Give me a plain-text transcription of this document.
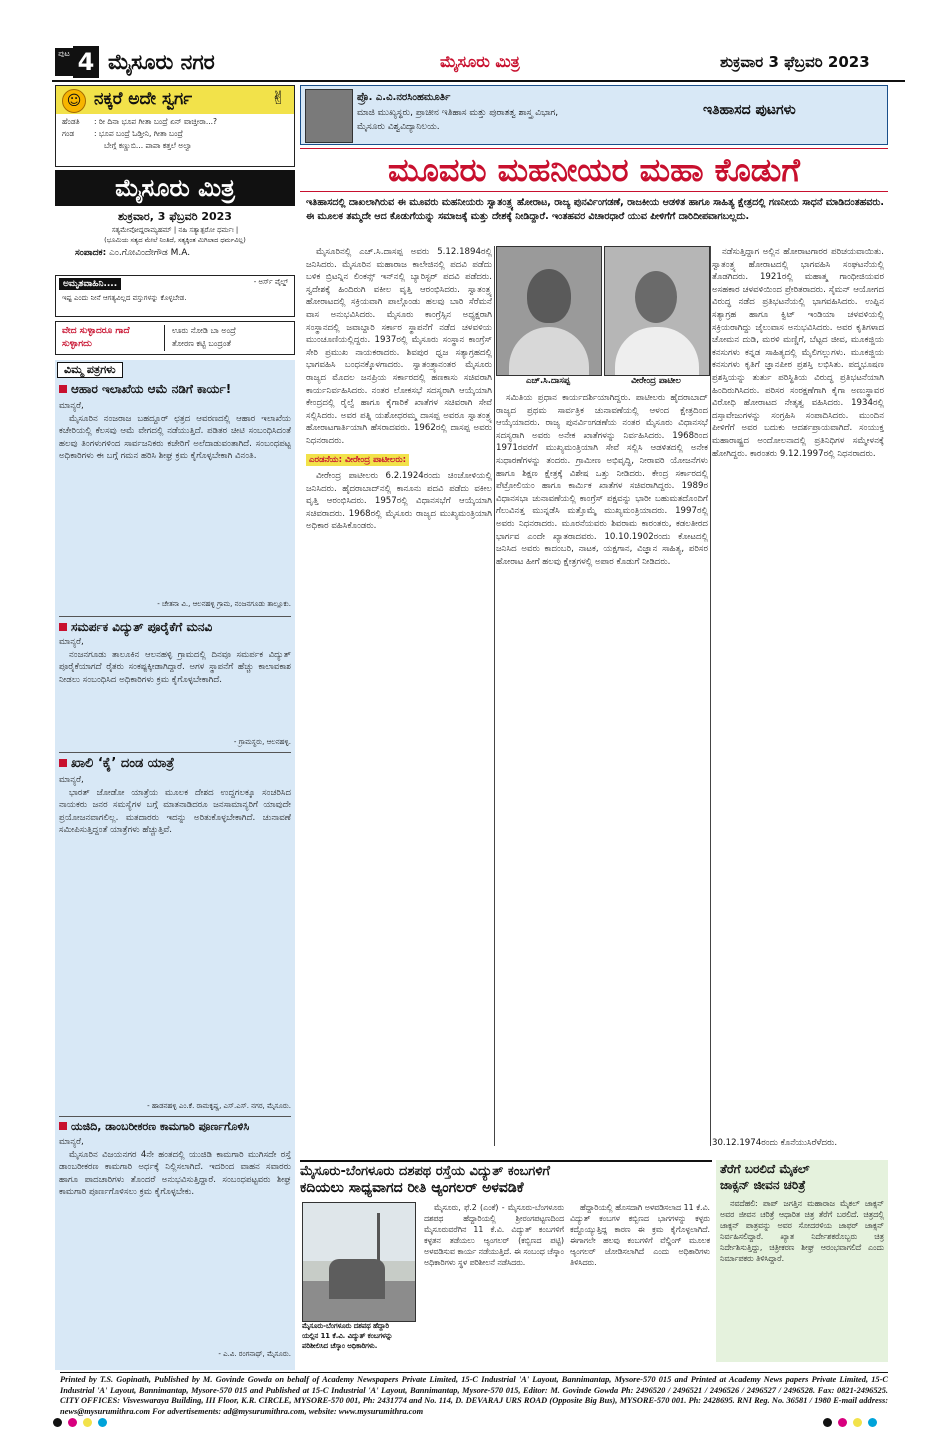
ಪುಟ 4 ಮೈಸೂರು ನಗರ	ಮೈಸೂರು ಮಿತ್ರ	ಶುಕ್ರವಾರ 3 ಫೆಬ್ರವರಿ 2023
☺ ನಕ್ಕರೆ ಅದೇ ಸ್ವರ್ಗ	✌
ಹೆಂಡತಿ : ರೀ ದಿನಾ ಭೂಪ ಗೀತಾ ಬಂದ್ರೆ ಏನ್ ವಾಚ್ತೀರಾ...?
ಗಂಡ	: ಭೂಪ ಬಂದ್ರೆ ಓಡ್ತೀನಿ, ಗೀತಾ ಬಂದ್ರೆ
ಬೇಗ್ಗೆ ಕಣ್ಣುಬಿ... ಪಾಪಾ ಕತ್ತಲೆ ಅಲ್ವಾ
ಮೈಸೂರು ಮಿತ್ರ
ಶುಕ್ರವಾರ, 3 ಫೆಬ್ರವರಿ 2023
ಸತ್ಯಮೇವೋದ್ದರಾಮ್ಯಹಮ್ | ನಹಿ ಸತ್ಯಾತ್ಪರೋ ಧರ್ಮಃ |
(ಭೂಮಿಯ ಸತ್ಯದ ಮೇಲೆ ನಿಂತಿದೆ, ಸತ್ಯಕ್ಕಿಂತ ಮಿಗಿಲಾದ ಧರ್ಮವಿಲ್ಲ)
ಸಂಪಾದಕ: ಎಂ.ಗೋವಿಂದೇಗೌಡ M.A.
ಅಮೃತವಾಹಿನಿ....
ಇಷ್ಟ ಎಂದು ನೀನೆ ಆಗತ್ಯವಿಲ್ಲದ ವಸ್ತುಗಳನ್ನು ಕೊಳ್ಳಬೇಡ.
- ಅರ್ಸ್ ವೈಲ್ಡ್
ವೇದ ಸುಳ್ಳಾದರೂ ಗಾದೆ ಸುಳ್ಳಾಗದು
ಊರು ನೋಡಿ ಬಾ ಅಂದ್ರೆ
ತೋರಣ ಕಟ್ಟಿ ಬಂದ್ರಂತೆ
ವಿಮ್ಮ ಪತ್ರಗಳು
ಆಹಾರ ಇಲಾಖೆಯ ಆಮೆ ನಡಿಗೆ ಕಾರ್ಯ!
ಮಾನ್ಯರೆ,

ಮೈಸೂರಿನ ನಂಜರಾಜ ಬಹದ್ದೂರ್ ಛತ್ರದ ಆವರಣದಲ್ಲಿ ಆಹಾರ ಇಲಾಖೆಯ ಕಚೇರಿಯಲ್ಲಿ ಕೆಲಸವು ಆಮೆ ವೇಗದಲ್ಲಿ ನಡೆಯುತ್ತಿದೆ. ಪಡಿತರ ಚೀಟಿ ಸಂಬಂಧಿಸಿದಂತೆ ಹಲವು ತಿಂಗಳುಗಳಿಂದ ಸಾರ್ವಜನಿಕರು ಕಚೇರಿಗೆ ಅಲೆದಾಡುವಂತಾಗಿದೆ. ಸಂಬಂಧಪಟ್ಟ ಅಧಿಕಾರಿಗಳು ಈ ಬಗ್ಗೆ ಗಮನ ಹರಿಸಿ ಶೀಘ್ರ ಕ್ರಮ ಕೈಗೊಳ್ಳಬೇಕಾಗಿ ವಿನಂತಿ.

- ಚೇತನಾ ವಿ., ಆಲನಹಳ್ಳಿ ಗ್ರಾಮ, ನಂಜನಗೂಡು ತಾಲ್ಲೂಕು.
ಸಮರ್ಪಕ ವಿದ್ಯುತ್ ಪೂರೈಕೆಗೆ ಮನವಿ
ಮಾನ್ಯರೆ,

ನಂಜನಗೂಡು ತಾಲೂಕಿನ ಆಲನಹಳ್ಳಿ ಗ್ರಾಮದಲ್ಲಿ ದಿನವೂ ಸಮರ್ಪಕ ವಿದ್ಯುತ್ ಪೂರೈಕೆಯಾಗದೆ ರೈತರು ಸಂಕಷ್ಟಕ್ಕೀಡಾಗಿದ್ದಾರೆ. ಅಗಳ ಸ್ಥಾಪನೆಗೆ ಹೆಚ್ಚು ಕಾಲಾವಕಾಶ ನೀಡಲು ಸಂಬಂಧಿಸಿದ ಅಧಿಕಾರಿಗಳು ಕ್ರಮ ಕೈಗೊಳ್ಳಬೇಕಾಗಿದೆ.

- ಗ್ರಾಮಸ್ಥರು, ಆಲನಹಳ್ಳಿ.
ಖಾಲಿ ‘ಕೈ’ ದಂಡ ಯಾತ್ರೆ
ಮಾನ್ಯರೆ,

ಭಾರತ್ ಜೋಡೋ ಯಾತ್ರೆಯ ಮೂಲಕ ದೇಶದ ಉದ್ದಗಲಕ್ಕೂ ಸಂಚರಿಸಿದ ನಾಯಕರು ಜನರ ಸಮಸ್ಯೆಗಳ ಬಗ್ಗೆ ಮಾತನಾಡಿದರೂ ಜನಸಾಮಾನ್ಯರಿಗೆ ಯಾವುದೇ ಪ್ರಯೋಜನವಾಗಲಿಲ್ಲ. ಮತದಾರರು ಇದನ್ನು ಅರಿತುಕೊಳ್ಳಬೇಕಾಗಿದೆ. ಚುನಾವಣೆ ಸಮೀಪಿಸುತ್ತಿದ್ದಂತೆ ಯಾತ್ರೆಗಳು ಹೆಚ್ಚುತ್ತಿವೆ.

- ಹಾಡನಹಳ್ಳಿ ಎಂ.ಕೆ. ರಾಮಕೃಷ್ಣ, ಎಸ್.ಎಸ್. ನಗರ, ಮೈಸೂರು.
ಯಜಿದಿ, ಡಾಂಬರೀಕರಣ ಕಾಮಗಾರಿ ಪೂರ್ಣಗೊಳಿಸಿ
ಮಾನ್ಯರೆ,

ಮೈಸೂರಿನ ವಿಜಯನಗರ 4ನೇ ಹಂತದಲ್ಲಿ ಯುಜಿಡಿ ಕಾಮಗಾರಿ ಮುಗಿಸದೇ ರಸ್ತೆ ಡಾಂಬರೀಕರಣ ಕಾಮಗಾರಿ ಅರ್ಧಕ್ಕೆ ನಿಲ್ಲಿಸಲಾಗಿದೆ. ಇದರಿಂದ ವಾಹನ ಸವಾರರು ಹಾಗೂ ಪಾದಚಾರಿಗಳು ತೊಂದರೆ ಅನುಭವಿಸುತ್ತಿದ್ದಾರೆ. ಸಂಬಂಧಪಟ್ಟವರು ಶೀಘ್ರ ಕಾಮಗಾರಿ ಪೂರ್ಣಗೊಳಿಸಲು ಕ್ರಮ ಕೈಗೊಳ್ಳಬೇಕು.

- ಎ.ವಿ. ರಂಗನಾಥ್, ಮೈಸೂರು.
ಪ್ರೊ. ಎ.ವಿ.ನರಸಿಂಹಮೂರ್ತಿ
ಮಾಜಿ ಮುಖ್ಯಸ್ಥರು, ಪ್ರಾಚೀನ ಇತಿಹಾಸ ಮತ್ತು ಪುರಾತತ್ವ ಶಾಸ್ತ್ರ ವಿಭಾಗ,
ಮೈಸೂರು ವಿಶ್ವವಿದ್ಯಾನಿಲಯ.
ಇತಿಹಾಸದ ಪುಟಗಳು
ಮೂವರು ಮಹನೀಯರ ಮಹಾ ಕೊಡುಗೆ
ಇತಿಹಾಸದಲ್ಲಿ ದಾಖಲಾಗಿರುವ ಈ ಮೂವರು ಮಹನೀಯರು ಸ್ವಾತಂತ್ರ್ಯ ಹೋರಾಟ, ರಾಜ್ಯ ಪುನರ್ವಿಂಗಡಣೆ, ರಾಜಕೀಯ ಆಡಳಿತ ಹಾಗೂ ಸಾಹಿತ್ಯ ಕ್ಷೇತ್ರದಲ್ಲಿ ಗಣನೀಯ ಸಾಧನೆ ಮಾಡಿದಂತಹವರು. ಈ ಮೂಲಕ ತಮ್ಮದೇ ಆದ ಕೊಡುಗೆಯನ್ನು ಸಮಾಜಕ್ಕೆ ಮತ್ತು ದೇಶಕ್ಕೆ ನೀಡಿದ್ದಾರೆ. ಇಂತಹವರ ವಿಚಾರಧಾರೆ ಯುವ ಪೀಳಿಗೆಗೆ ದಾರಿದೀಪವಾಗಬಲ್ಲದು.

ಮೈಸೂರಿನಲ್ಲಿ ಎಚ್.ಸಿ.ದಾಸಪ್ಪ ಅವರು 5.12.1894ರಲ್ಲಿ ಜನಿಸಿದರು. ಮೈಸೂರಿನ ಮಹಾರಾಜ ಕಾಲೇಜಿನಲ್ಲಿ ಪದವಿ ಪಡೆದು ಬಳಿಕ ಬ್ರಿಟನ್ನಿನ ಲಿಂಕನ್ಸ್ ಇನ್‌ನಲ್ಲಿ ಬ್ಯಾರಿಸ್ಟರ್ ಪದವಿ ಪಡೆದರು. ಸ್ವದೇಶಕ್ಕೆ ಹಿಂದಿರುಗಿ ವಕೀಲ ವೃತ್ತಿ ಆರಂಭಿಸಿದರು. ಸ್ವಾತಂತ್ರ್ಯ ಹೋರಾಟದಲ್ಲಿ ಸಕ್ರಿಯವಾಗಿ ಪಾಲ್ಗೊಂಡು ಹಲವು ಬಾರಿ ಸೆರೆಮನೆ ವಾಸ ಅನುಭವಿಸಿದರು. ಮೈಸೂರು ಕಾಂಗ್ರೆಸ್ಸಿನ ಅಧ್ಯಕ್ಷರಾಗಿ ಸಂಸ್ಥಾನದಲ್ಲಿ ಜವಾಬ್ದಾರಿ ಸರ್ಕಾರ ಸ್ಥಾಪನೆಗೆ ನಡೆದ ಚಳವಳಿಯ ಮುಂಚೂಣಿಯಲ್ಲಿದ್ದರು. 1937ರಲ್ಲಿ ಮೈಸೂರು ಸಂಸ್ಥಾನ ಕಾಂಗ್ರೆಸ್ ಸೇರಿ ಪ್ರಮುಖ ನಾಯಕರಾದರು. ಶಿವಪುರ ಧ್ವಜ ಸತ್ಯಾಗ್ರಹದಲ್ಲಿ ಭಾಗವಹಿಸಿ ಬಂಧನಕ್ಕೊಳಗಾದರು. ಸ್ವಾತಂತ್ರ್ಯಾನಂತರ ಮೈಸೂರು ರಾಜ್ಯದ ಮೊದಲ ಜನಪ್ರಿಯ ಸರ್ಕಾರದಲ್ಲಿ ಹಣಕಾಸು ಸಚಿವರಾಗಿ ಕಾರ್ಯನಿರ್ವಹಿಸಿದರು. ನಂತರ ಲೋಕಸಭೆ ಸದಸ್ಯರಾಗಿ ಆಯ್ಕೆಯಾಗಿ ಕೇಂದ್ರದಲ್ಲಿ ರೈಲ್ವೆ ಹಾಗೂ ಕೈಗಾರಿಕೆ ಖಾತೆಗಳ ಸಚಿವರಾಗಿ ಸೇವೆ ಸಲ್ಲಿಸಿದರು. ಅವರ ಪತ್ನಿ ಯಶೋಧರಮ್ಮ ದಾಸಪ್ಪ ಅವರೂ ಸ್ವಾತಂತ್ರ್ಯ ಹೋರಾಟಗಾರ್ತಿಯಾಗಿ ಹೆಸರಾದವರು. 1962ರಲ್ಲಿ ದಾಸಪ್ಪ ಅವರು ನಿಧನರಾದರು.

ಎರಡನೆಯ: ವೀರೇಂದ್ರ ಪಾಟೀಲರು:

ವೀರೇಂದ್ರ ಪಾಟೀಲರು 6.2.1924ರಂದು ಚಿಂಚೋಳಿಯಲ್ಲಿ ಜನಿಸಿದರು. ಹೈದರಾಬಾದ್‌ನಲ್ಲಿ ಕಾನೂನು ಪದವಿ ಪಡೆದು ವಕೀಲ ವೃತ್ತಿ ಆರಂಭಿಸಿದರು. 1957ರಲ್ಲಿ ವಿಧಾನಸಭೆಗೆ ಆಯ್ಕೆಯಾಗಿ ಸಚಿವರಾದರು. 1968ರಲ್ಲಿ ಮೈಸೂರು ರಾಜ್ಯದ ಮುಖ್ಯಮಂತ್ರಿಯಾಗಿ ಅಧಿಕಾರ ವಹಿಸಿಕೊಂಡರು.

ಎಚ್.ಸಿ.ದಾಸಪ್ಪ	ವೀರೇಂದ್ರ ಪಾಟೀಲ

ಸಮಿತಿಯ ಪ್ರಧಾನ ಕಾರ್ಯದರ್ಶಿಯಾಗಿದ್ದರು. ಪಾಟೀಲರು ಹೈದರಾಬಾದ್ ರಾಜ್ಯದ ಪ್ರಥಮ ಸಾರ್ವತ್ರಿಕ ಚುನಾವಣೆಯಲ್ಲಿ ಆಳಂದ ಕ್ಷೇತ್ರದಿಂದ ಆಯ್ಕೆಯಾದರು. ರಾಜ್ಯ ಪುನರ್ವಿಂಗಡಣೆಯ ನಂತರ ಮೈಸೂರು ವಿಧಾನಸಭೆ ಸದಸ್ಯರಾಗಿ ಅವರು ಅನೇಕ ಖಾತೆಗಳನ್ನು ನಿರ್ವಹಿಸಿದರು. 1968ರಿಂದ 1971ರವರೆಗೆ ಮುಖ್ಯಮಂತ್ರಿಯಾಗಿ ಸೇವೆ ಸಲ್ಲಿಸಿ ಆಡಳಿತದಲ್ಲಿ ಅನೇಕ ಸುಧಾರಣೆಗಳನ್ನು ತಂದರು. ಗ್ರಾಮೀಣ ಅಭಿವೃದ್ಧಿ, ನೀರಾವರಿ ಯೋಜನೆಗಳು ಹಾಗೂ ಶಿಕ್ಷಣ ಕ್ಷೇತ್ರಕ್ಕೆ ವಿಶೇಷ ಒತ್ತು ನೀಡಿದರು. ಕೇಂದ್ರ ಸರ್ಕಾರದಲ್ಲಿ ಪೆಟ್ರೋಲಿಯಂ ಹಾಗೂ ಕಾರ್ಮಿಕ ಖಾತೆಗಳ ಸಚಿವರಾಗಿದ್ದರು. 1989ರ ವಿಧಾನಸಭಾ ಚುನಾವಣೆಯಲ್ಲಿ ಕಾಂಗ್ರೆಸ್ ಪಕ್ಷವನ್ನು ಭಾರೀ ಬಹುಮತದೊಂದಿಗೆ ಗೆಲುವಿನತ್ತ ಮುನ್ನಡೆಸಿ ಮತ್ತೊಮ್ಮೆ ಮುಖ್ಯಮಂತ್ರಿಯಾದರು. 1997ರಲ್ಲಿ ಅವರು ನಿಧನರಾದರು. ಮೂರನೆಯವರು ಶಿವರಾಮ ಕಾರಂತರು, ಕಡಲತೀರದ ಭಾರ್ಗವ ಎಂದೇ ಖ್ಯಾತರಾದವರು. 10.10.1902ರಂದು ಕೋಟದಲ್ಲಿ ಜನಿಸಿದ ಅವರು ಕಾದಂಬರಿ, ನಾಟಕ, ಯಕ್ಷಗಾನ, ವಿಜ್ಞಾನ ಸಾಹಿತ್ಯ, ಪರಿಸರ ಹೋರಾಟ ಹೀಗೆ ಹಲವು ಕ್ಷೇತ್ರಗಳಲ್ಲಿ ಅಪಾರ ಕೊಡುಗೆ ನೀಡಿದರು.

ನಡೆಸುತ್ತಿದ್ದಾಗ ಅಲ್ಲಿನ ಹೋರಾಟಗಾರರ ಪರಿಚಯವಾಯಿತು. ಸ್ವಾತಂತ್ರ್ಯ ಹೋರಾಟದಲ್ಲಿ ಭಾಗವಹಿಸಿ ಸಂಘಟನೆಯಲ್ಲಿ ತೊಡಗಿದರು. 1921ರಲ್ಲಿ ಮಹಾತ್ಮ ಗಾಂಧೀಜಿಯವರ ಅಸಹಕಾರ ಚಳವಳಿಯಿಂದ ಪ್ರೇರಿತರಾದರು. ಸೈಮನ್ ಆಯೋಗದ ವಿರುದ್ಧ ನಡೆದ ಪ್ರತಿಭಟನೆಯಲ್ಲಿ ಭಾಗವಹಿಸಿದರು. ಉಪ್ಪಿನ ಸತ್ಯಾಗ್ರಹ ಹಾಗೂ ಕ್ವಿಟ್ ಇಂಡಿಯಾ ಚಳವಳಿಯಲ್ಲಿ ಸಕ್ರಿಯರಾಗಿದ್ದು ಜೈಲುವಾಸ ಅನುಭವಿಸಿದರು. ಅವರ ಕೃತಿಗಳಾದ ಚೋಮನ ದುಡಿ, ಮರಳಿ ಮಣ್ಣಿಗೆ, ಬೆಟ್ಟದ ಜೀವ, ಮೂಕಜ್ಜಿಯ ಕನಸುಗಳು ಕನ್ನಡ ಸಾಹಿತ್ಯದಲ್ಲಿ ಮೈಲಿಗಲ್ಲುಗಳು. ಮೂಕಜ್ಜಿಯ ಕನಸುಗಳು ಕೃತಿಗೆ ಜ್ಞಾನಪೀಠ ಪ್ರಶಸ್ತಿ ಲಭಿಸಿತು. ಪದ್ಮಭೂಷಣ ಪ್ರಶಸ್ತಿಯನ್ನು ತುರ್ತು ಪರಿಸ್ಥಿತಿಯ ವಿರುದ್ಧ ಪ್ರತಿಭಟನೆಯಾಗಿ ಹಿಂದಿರುಗಿಸಿದರು. ಪರಿಸರ ಸಂರಕ್ಷಣೆಗಾಗಿ ಕೈಗಾ ಅಣುಸ್ಥಾವರ ವಿರೋಧಿ ಹೋರಾಟದ ನೇತೃತ್ವ ವಹಿಸಿದರು. 1934ರಲ್ಲಿ ದಸ್ತಾವೇಜುಗಳನ್ನು ಸಂಗ್ರಹಿಸಿ ಸಂಪಾದಿಸಿದರು. ಮುಂದಿನ ಪೀಳಿಗೆಗೆ ಅವರ ಬದುಕು ಆದರ್ಶಪ್ರಾಯವಾಗಿದೆ. ಸಂಯುಕ್ತ ಮಹಾರಾಷ್ಟ್ರದ ಅಂದೋಲನಾದಲ್ಲಿ ಪ್ರತಿನಿಧಿಗಳ ಸಮ್ಮೇಳನಕ್ಕೆ ಹೋಗಿದ್ದರು. ಕಾರಂತರು 9.12.1997ರಲ್ಲಿ ನಿಧನರಾದರು.

30.12.1974ರಂದು ಕೊನೆಯುಸಿರೆಳೆದರು.
ಮೈಸೂರು-ಬೆಂಗಳೂರು ದಶಪಥ ರಸ್ತೆಯ ವಿದ್ಯುತ್ ಕಂಬಗಳಿಗೆ
ಕದಿಯಲು ಸಾಧ್ಯವಾಗದ ರೀತಿ ಆ್ಯಂಗಲರ್ ಅಳವಡಿಕೆ
ಮೈಸೂರು-ಬೆಂಗಳೂರು ದಶಪಥ ಹೆದ್ದಾರಿ
ಯಲ್ಲಿನ 11 ಕೆ.ವಿ. ವಿದ್ಯುತ್ ಕಂಬಗಳನ್ನು
ಪರಿಶೀಲಿಸಿದ ಚೆಸ್ಕಾಂ ಅಧಿಕಾರಿಗಳು.

ಮೈಸೂರು, ಫೆ.2 (ಎಂಕೆ) - ಮೈಸೂರು-ಬೆಂಗಳೂರು ದಶಪಥ ಹೆದ್ದಾರಿಯಲ್ಲಿ ಶ್ರೀರಂಗಪಟ್ಟಣದಿಂದ ಮೈಸೂರುವರೆಗಿನ 11 ಕೆ.ವಿ. ವಿದ್ಯುತ್ ಕಂಬಗಳಿಗೆ ಕಳ್ಳತನ ತಡೆಯಲು ಆ್ಯಂಗಲರ್ (ಕಬ್ಬಿಣದ ಪಟ್ಟಿ) ಅಳವಡಿಸುವ ಕಾರ್ಯ ನಡೆಯುತ್ತಿದೆ. ಈ ಸಂಬಂಧ ಚೆಸ್ಕಾಂ ಅಧಿಕಾರಿಗಳು ಸ್ಥಳ ಪರಿಶೀಲನೆ ನಡೆಸಿದರು.

ಹೆದ್ದಾರಿಯಲ್ಲಿ ಹೊಸದಾಗಿ ಅಳವಡಿಸಲಾದ 11 ಕೆ.ವಿ. ವಿದ್ಯುತ್ ಕಂಬಗಳ ಕಬ್ಬಿಣದ ಭಾಗಗಳನ್ನು ಕಳ್ಳರು ಕದ್ದೊಯ್ಯುತ್ತಿದ್ದ ಕಾರಣ ಈ ಕ್ರಮ ಕೈಗೊಳ್ಳಲಾಗಿದೆ. ಈಗಾಗಲೇ ಹಲವು ಕಂಬಗಳಿಗೆ ವೆಲ್ಡಿಂಗ್ ಮೂಲಕ ಆ್ಯಂಗಲರ್ ಜೋಡಿಸಲಾಗಿದೆ ಎಂದು ಅಧಿಕಾರಿಗಳು ತಿಳಿಸಿದರು.

ತೆರೆಗೆ ಬರಲಿದೆ ಮೈಕಲ್
ಜಾಕ್ಸನ್ ಜೀವನ ಚರಿತ್ರೆ

ನವದೆಹಲಿ: ಪಾಪ್ ಜಗತ್ತಿನ ಮಹಾರಾಜ ಮೈಕಲ್ ಜಾಕ್ಸನ್ ಅವರ ಜೀವನ ಚರಿತ್ರೆ ಆಧಾರಿತ ಚಿತ್ರ ತೆರೆಗೆ ಬರಲಿದೆ. ಚಿತ್ರದಲ್ಲಿ ಜಾಕ್ಸನ್ ಪಾತ್ರವನ್ನು ಅವರ ಸೋದರಳಿಯ ಜಾಫರ್ ಜಾಕ್ಸನ್ ನಿರ್ವಹಿಸಲಿದ್ದಾರೆ. ಖ್ಯಾತ ನಿರ್ದೇಶಕರೊಬ್ಬರು ಚಿತ್ರ ನಿರ್ದೇಶಿಸುತ್ತಿದ್ದು, ಚಿತ್ರೀಕರಣ ಶೀಘ್ರ ಆರಂಭವಾಗಲಿದೆ ಎಂದು ನಿರ್ಮಾಪಕರು ತಿಳಿಸಿದ್ದಾರೆ.

Printed by T.S. Gopinath, Published by M. Govinde Gowda on behalf of Academy Newspapers Private Limited, 15-C Industrial 'A' Layout, Bannimantap, Mysore-570 015 and Printed at Academy News papers Private Limited, 15-C Industrial 'A' Layout, Bannimantap, Mysore-570 015 and Published at 15-C Industrial 'A' Layout, Bannimantap, Mysore-570 015, Editor: M. Govinde Gowda Ph: 2496520 / 2496521 / 2496526 / 2496527 / 2496528. Fax: 0821-2496525. CITY OFFICES: Visveswaraya Building, III Floor, K.R. CIRCLE, MYSORE-570 001, Ph: 2431774 and No. 114, D. DEVARAJ URS ROAD (Opposite Big Bus), MYSORE-570 001. Ph: 2428695. RNI Reg. No. 36581 / 1980 E-mail address: news@mysurumithra.com For advertisements: ad@mysurumithra.com, website: www.mysurumithra.com
